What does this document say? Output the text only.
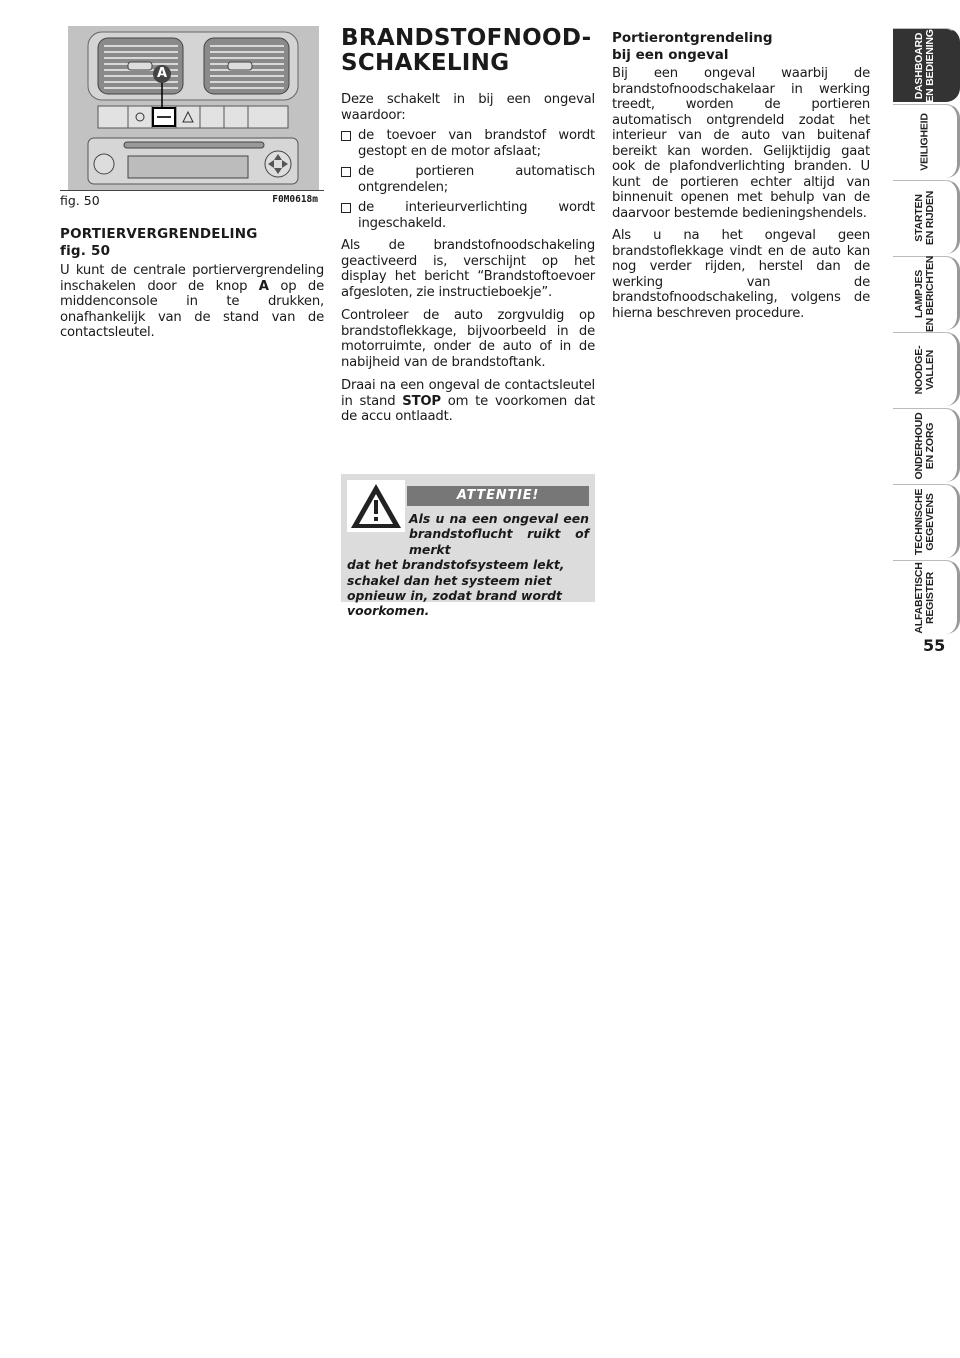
A
fig. 50	F0M0618m
PORTIERVERGRENDELING
fig. 50

U kunt de centrale portiervergrendeling inschakelen door de knop A op de middenconsole in te drukken, onafhankelijk van de stand van de contactsleutel.

BRANDSTOFNOOD-
SCHAKELING

Deze schakelt in bij een ongeval waardoor:

de toevoer van brandstof wordt gestopt en de motor afslaat;
de portieren automatisch ontgrendelen;
de interieurverlichting wordt ingeschakeld.

Als de brandstofnoodschakeling geactiveerd is, verschijnt op het display het bericht “Brandstoftoevoer afgesloten, zie instructieboekje”.

Controleer de auto zorgvuldig op brandstoflekkage, bijvoorbeeld in de motorruimte, onder de auto of in de nabijheid van de brandstoftank.

Draai na een ongeval de contactsleutel in stand STOP om te voorkomen dat de accu ontlaadt.

ATTENTIE!
Als u na een ongeval een brandstoflucht ruikt of merkt
dat het brandstofsysteem lekt, schakel dan het systeem niet opnieuw in, zodat brand wordt voorkomen.
Portierontgrendeling
bij een ongeval

Bij een ongeval waarbij de brandstofnoodschakelaar in werking treedt, worden de portieren automatisch ontgrendeld zodat het interieur van de auto van buitenaf bereikt kan worden. Gelijktijdig gaat ook de plafondverlichting branden. U kunt de portieren echter altijd van binnenuit openen met behulp van de daarvoor bestemde bedieningshendels.

Als u na het ongeval geen brandstoflekkage vindt en de auto kan nog verder rijden, herstel dan de werking van de brandstofnoodschakeling, volgens de hierna beschreven procedure.

DASHBOARD
EN BEDIENING
VEILIGHEID
STARTEN
EN RIJDEN
LAMPJES
EN BERICHTEN
NOODGE-
VALLEN
ONDERHOUD
EN ZORG
TECHNISCHE
GEGEVENS
ALFABETISCH
REGISTER
55
